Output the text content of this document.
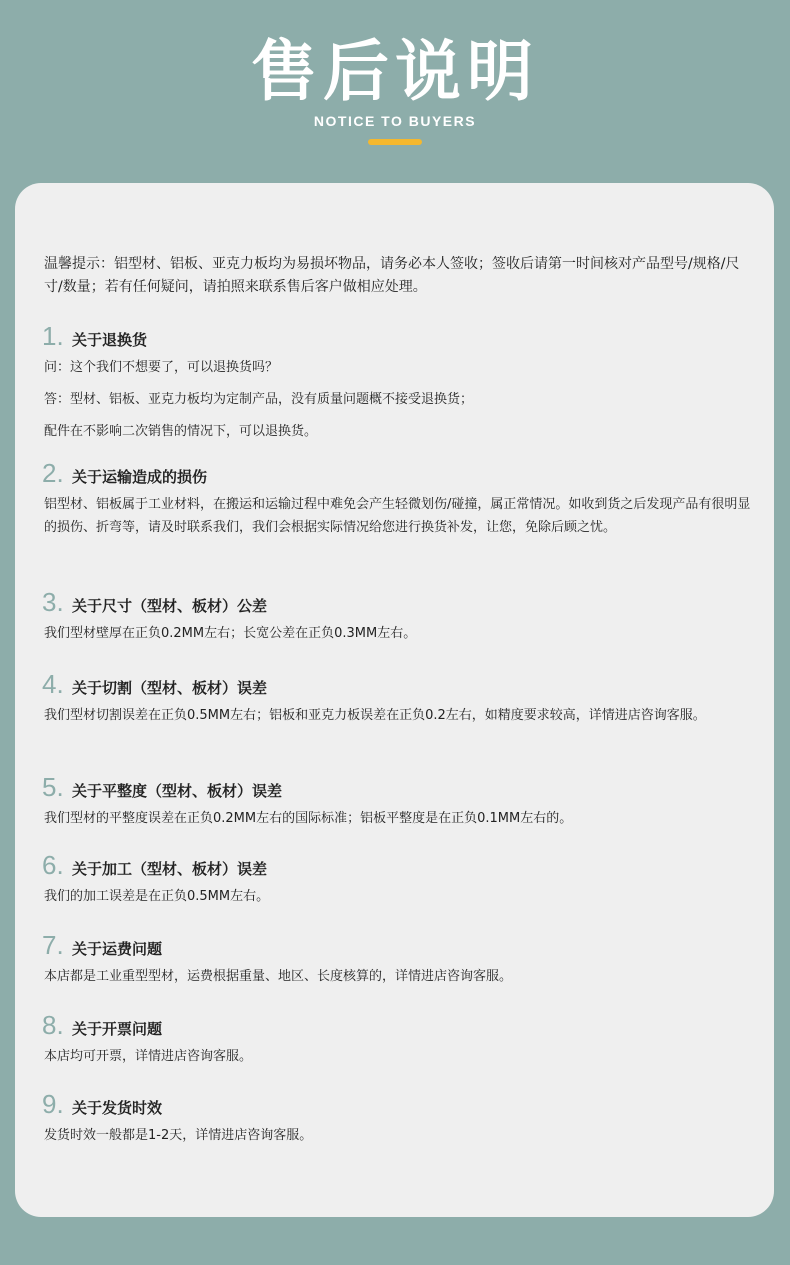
售后说明
NOTICE TO BUYERS
温馨提示：铝型材、铝板、亚克力板均为易损坏物品，请务必本人签收；签收后请第一时间核对产品型号/规格/尺寸/数量；若有任何疑问，请拍照来联系售后客户做相应处理。
1. 关于退换货
问：这个我们不想要了，可以退换货吗？
答：型材、铝板、亚克力板均为定制产品，没有质量问题概不接受退换货；
配件在不影响二次销售的情况下，可以退换货。
2. 关于运输造成的损伤
铝型材、铝板属于工业材料，在搬运和运输过程中难免会产生轻微划伤/碰撞，属正常情况。如收到货之后发现产品有很明显的损伤、折弯等，请及时联系我们，我们会根据实际情况给您进行换货补发，让您，免除后顾之忧。
3. 关于尺寸（型材、板材）公差
我们型材壁厚在正负0.2MM左右；长宽公差在正负0.3MM左右。
4. 关于切割（型材、板材）误差
我们型材切割误差在正负0.5MM左右；铝板和亚克力板误差在正负0.2左右，如精度要求较高，详情进店咨询客服。
5. 关于平整度（型材、板材）误差
我们型材的平整度误差在正负0.2MM左右的国际标准；铝板平整度是在正负0.1MM左右的。
6. 关于加工（型材、板材）误差
我们的加工误差是在正负0.5MM左右。
7. 关于运费问题
本店都是工业重型型材，运费根据重量、地区、长度核算的，详情进店咨询客服。
8. 关于开票问题
本店均可开票，详情进店咨询客服。
9. 关于发货时效
发货时效一般都是1-2天，详情进店咨询客服。
